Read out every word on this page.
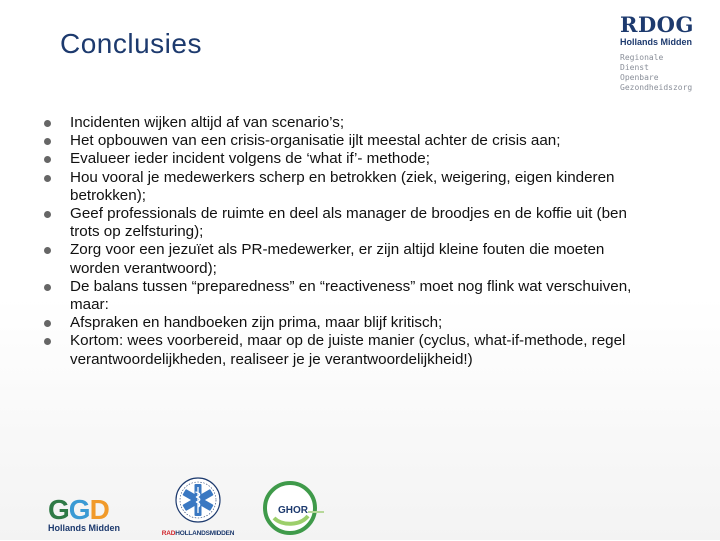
Conclusies
RDOG
Hollands Midden
Regionale
Dienst
Openbare
Gezondheidszorg
Incidenten wijken altijd af van scenario’s;
Het opbouwen van een crisis-organisatie ijlt meestal achter de crisis aan;
Evalueer ieder incident volgens de ‘what if’- methode;
Hou vooral je medewerkers scherp en betrokken (ziek, weigering, eigen kinderen betrokken);
Geef professionals de ruimte en deel als manager de broodjes en de koffie uit (ben trots op zelfsturing);
Zorg voor een jezuïet als PR-medewerker, er zijn altijd kleine fouten die moeten worden verantwoord);
De balans tussen “preparedness” en “reactiveness” moet nog flink wat verschuiven, maar:
Afspraken en handboeken zijn prima, maar blijf kritisch;
Kortom: wees voorbereid, maar op de juiste manier (cyclus, what-if-methode, regel verantwoordelijkheden, realiseer je je verantwoordelijkheid!)
GGD
Hollands Midden
RADHOLLANDSMIDDEN
GHOR
